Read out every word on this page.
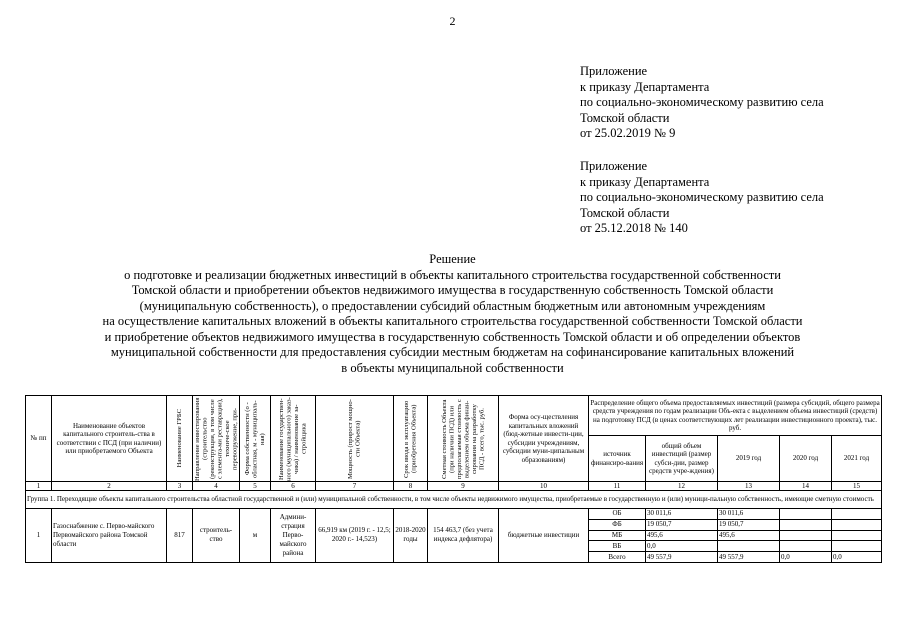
2
Приложение
к приказу Департамента
по социально-экономическому развитию села
Томской области
от 25.02.2019 № 9
Приложение
к приказу Департамента
по социально-экономическому развитию села
Томской области
от 25.12.2018 № 140
Решение
о подготовке и реализации бюджетных инвестиций в объекты капитального строительства государственной собственности
Томской области и приобретении объектов недвижимого имущества в государственную собственность Томской области
(муниципальную собственность), о предоставлении субсидий областным бюджетным или автономным учреждениям
на осуществление капитальных вложений в объекты капитального строительства государственной собственности Томской области
и приобретение объектов недвижимого имущества в государственную собственность Томской области и об определении объектов
муниципальной собственности для предоставления субсидии местным бюджетам на софинансирование капитальных вложений
в объекты муниципальной собственности
№ пп	Наименование объектов капитального строитель-ства в соответствии с ПСД (при наличии) или приобретаемого Объекта	Наименование ГРБС	Направление инвестирования (строительство (реконструкция, в том числе с элемента-ми реставрации), техниче-ское перевооружение, при-	Форма собственности (о - областная, м - муниципаль-ная)	Наименование государствен-ного (муниципального) заказ-чика) / наименование за-стройщика	Мощность (прирост мощно-сти Объекта)	Срок ввода в эксплуатацию (приобретения Объекта)	Сметная стоимость Объекта (при наличии ПСД) или предполагаемая стоимость с выделением объема финан-сирования на разработку ПСД - всего, тыс. руб.	Форма осу-ществления капитальных вложений (бюд-жетные инвести-ции, субсидии учреждениям, субсидии муни-ципальным образованиям)	Распределение общего объема предоставляемых инвестиций (размера субсидий, общего размера средств учреждения по годам реализации Объ-екта с выделением объема инвестиций (средств) на подготовку ПСД (в ценах соответствующих лет реализации инвестиционного проекта), тыс. руб.				
										источник финансиро-вания	общий объем инвестиций (размер субси-дии, размер средств учре-ждения)	2019 год	2020 год	2021 год
1	2	3	4	5	6	7	8	9	10	11	12	13	14	15
Группа 1. Переходящие объекты капитального строительства областной государственной и (или) муниципальной собственности, в том числе объекты недвижимого имущества, приобретаемые в государственную и (или) муници-пальную собственность, имеющие сметную стоимость														
1	Газоснабжение с. Перво-майского Первомайского района Томской области	817	строитель-ство	м	Админи-страция Перво-майского района	66,919 км (2019 г. - 12,5; 2020 г.- 14,523)	2018-2020 годы	154 463,7 (без учета индекса дефлятора)	бюджетные инвестиции	ОБ	30 011,6	30 011,6		
										ФБ	19 050,7	19 050,7		
										МБ	495,6	495,6		
										ВБ	0,0			
										Всего	49 557,9	49 557,9	0,0	0,0
